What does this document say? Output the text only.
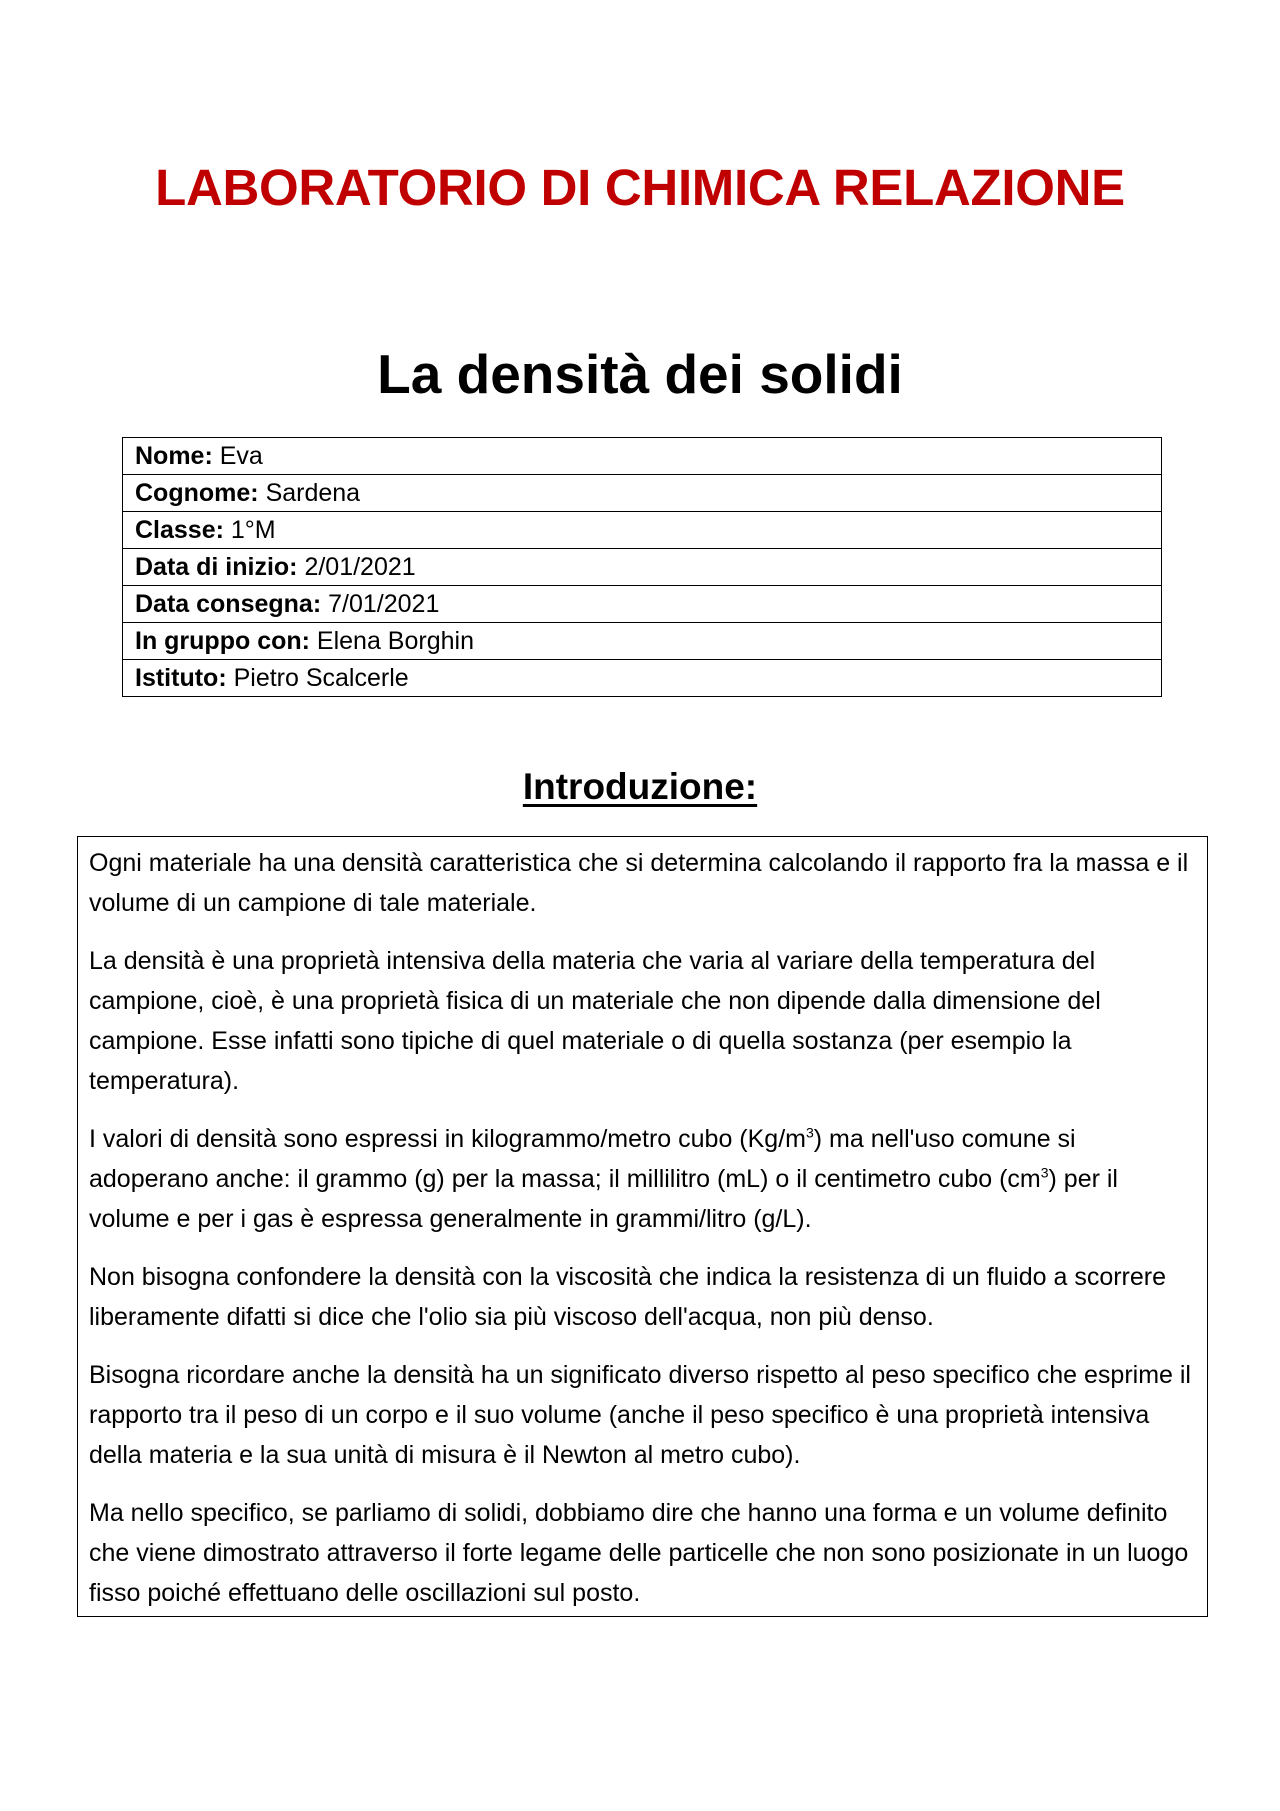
LABORATORIO DI CHIMICA RELAZIONE
La densità dei solidi
Nome: Eva
Cognome: Sardena
Classe: 1°M
Data di inizio: 2/01/2021
Data consegna: 7/01/2021
In gruppo con: Elena Borghin
Istituto: Pietro Scalcerle
Introduzione:

Ogni materiale ha una densità caratteristica che si determina calcolando il rapporto fra la massa e il volume di un campione di tale materiale.

La densità è una proprietà intensiva della materia che varia al variare della temperatura del campione, cioè, è una proprietà fisica di un materiale che non dipende dalla dimensione del campione. Esse infatti sono tipiche di quel materiale o di quella sostanza (per esempio la temperatura).

I valori di densità sono espressi in kilogrammo/metro cubo $(Kg/m^3)$ ma nell'uso comune si adoperano anche: il grammo (g) per la massa; il millilitro (mL) o il centimetro cubo $(cm^3)$ per il volume e per i gas è espressa generalmente in grammi/litro (g/L).

Non bisogna confondere la densità con la viscosità che indica la resistenza di un fluido a scorrere liberamente difatti si dice che l'olio sia più viscoso dell'acqua, non più denso.

Bisogna ricordare anche la densità ha un significato diverso rispetto al peso specifico che esprime il rapporto tra il peso di un corpo e il suo volume (anche il peso specifico è una proprietà intensiva della materia e la sua unità di misura è il Newton al metro cubo).

Ma nello specifico, se parliamo di solidi, dobbiamo dire che hanno una forma e un volume definito che viene dimostrato attraverso il forte legame delle particelle che non sono posizionate in un luogo fisso poiché effettuano delle oscillazioni sul posto.
